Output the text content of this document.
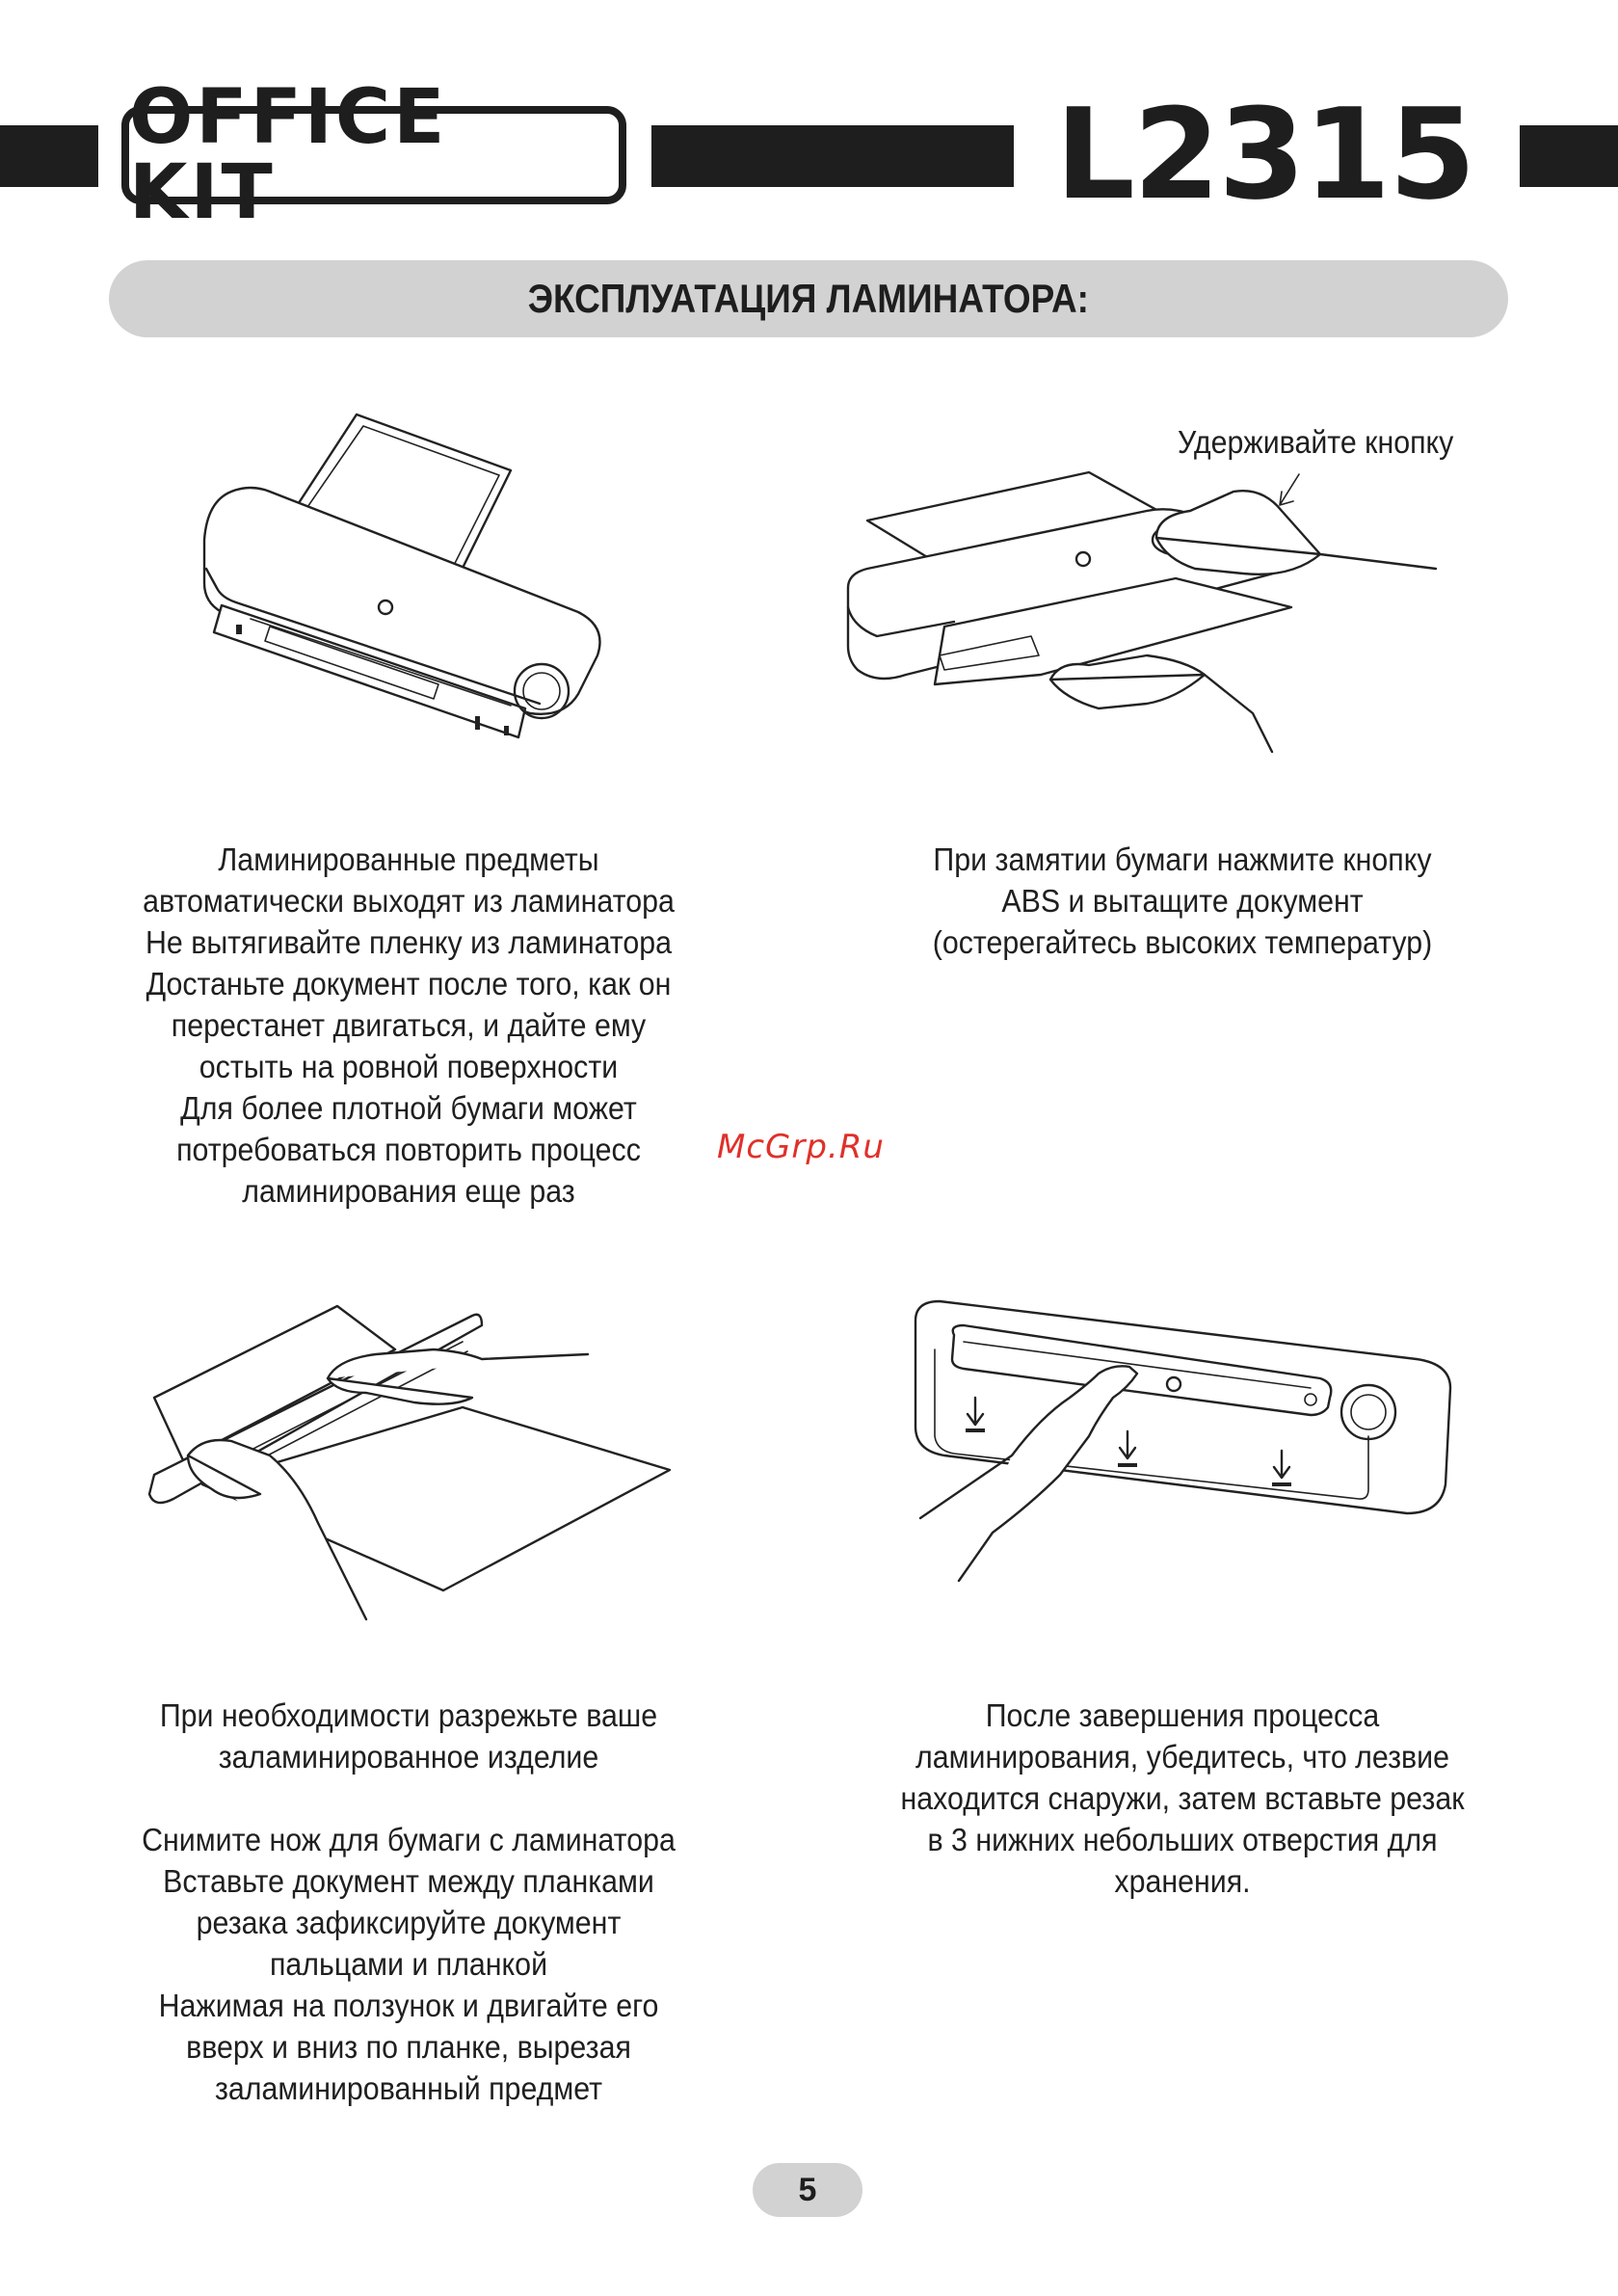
OFFICE KIT	L2315
ЭКСПЛУАТАЦИЯ ЛАМИНАТОРА:
Удерживайте кнопку
Ламинированные предметы
автоматически выходят из ламинатора
Не вытягивайте пленку из ламинатора
Достаньте документ после того, как он
перестанет двигаться, и дайте ему
остыть на ровной поверхности
Для более плотной бумаги может
потребоваться повторить процесс
ламинирования еще раз
При замятии бумаги нажмите кнопку
ABS и вытащите документ
(остерегайтесь высоких температур)
При необходимости разрежьте ваше
заламинированное изделие
Снимите нож для бумаги с ламинатора
Вставьте документ между планками
резака зафиксируйте документ
пальцами и планкой
Нажимая на ползунок и двигайте его
вверх и вниз по планке, вырезая
заламинированный предмет
После завершения процесса
ламинирования, убедитесь, что лезвие
находится снаружи, затем вставьте резак
в 3 нижних небольших отверстия для
хранения.
McGrp.Ru
5
